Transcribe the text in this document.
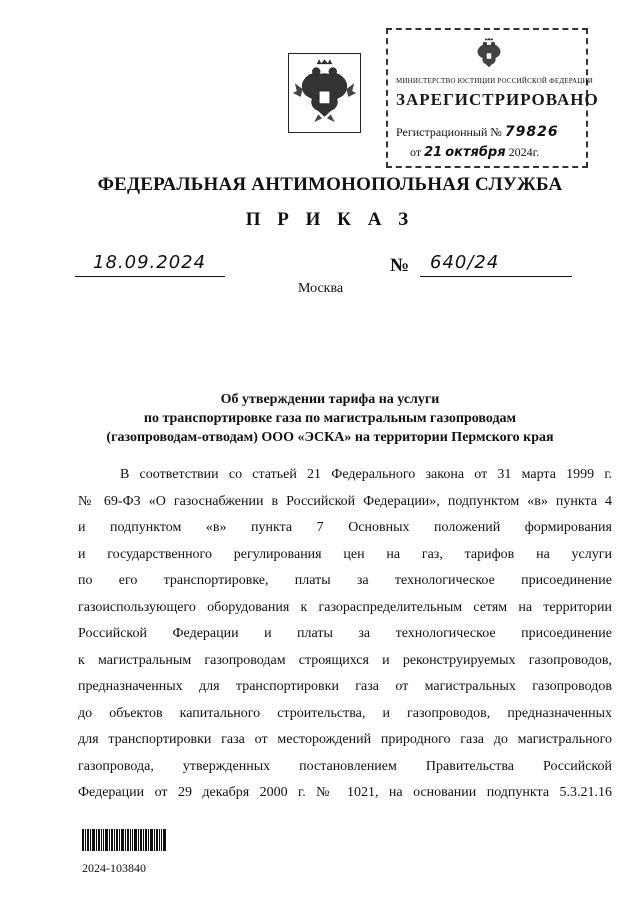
МИНИСТЕРСТВО ЮСТИЦИИ РОССИЙСКОЙ ФЕДЕРАЦИИ
ЗАРЕГИСТРИРОВАНО
Регистрационный № 79826
от 21 октября 2024г.
ФЕДЕРАЛЬНАЯ АНТИМОНОПОЛЬНАЯ СЛУЖБА
П Р И К А З
18.09.2024	№ 640/24
Москва
Об утверждении тарифа на услуги
по транспортировке газа по магистральным газопроводам
(газопроводам-отводам) ООО «ЭСКА» на территории Пермского края
В соответствии со статьей 21 Федерального закона от 31 марта 1999 г.
№ 69-ФЗ «О газоснабжении в Российской Федерации», подпунктом «в» пункта 4
и подпунктом «в» пункта 7 Основных положений формирования
и государственного регулирования цен на газ, тарифов на услуги
по его транспортировке, платы за технологическое присоединение
газоиспользующего оборудования к газораспределительным сетям на территории
Российской Федерации и платы за технологическое присоединение
к магистральным газопроводам строящихся и реконструируемых газопроводов,
предназначенных для транспортировки газа от магистральных газопроводов
до объектов капитального строительства, и газопроводов, предназначенных
для транспортировки газа от месторождений природного газа до магистрального
газопровода, утвержденных постановлением Правительства Российской
Федерации от 29 декабря 2000 г. № 1021, на основании подпункта 5.3.21.16
2024-103840
